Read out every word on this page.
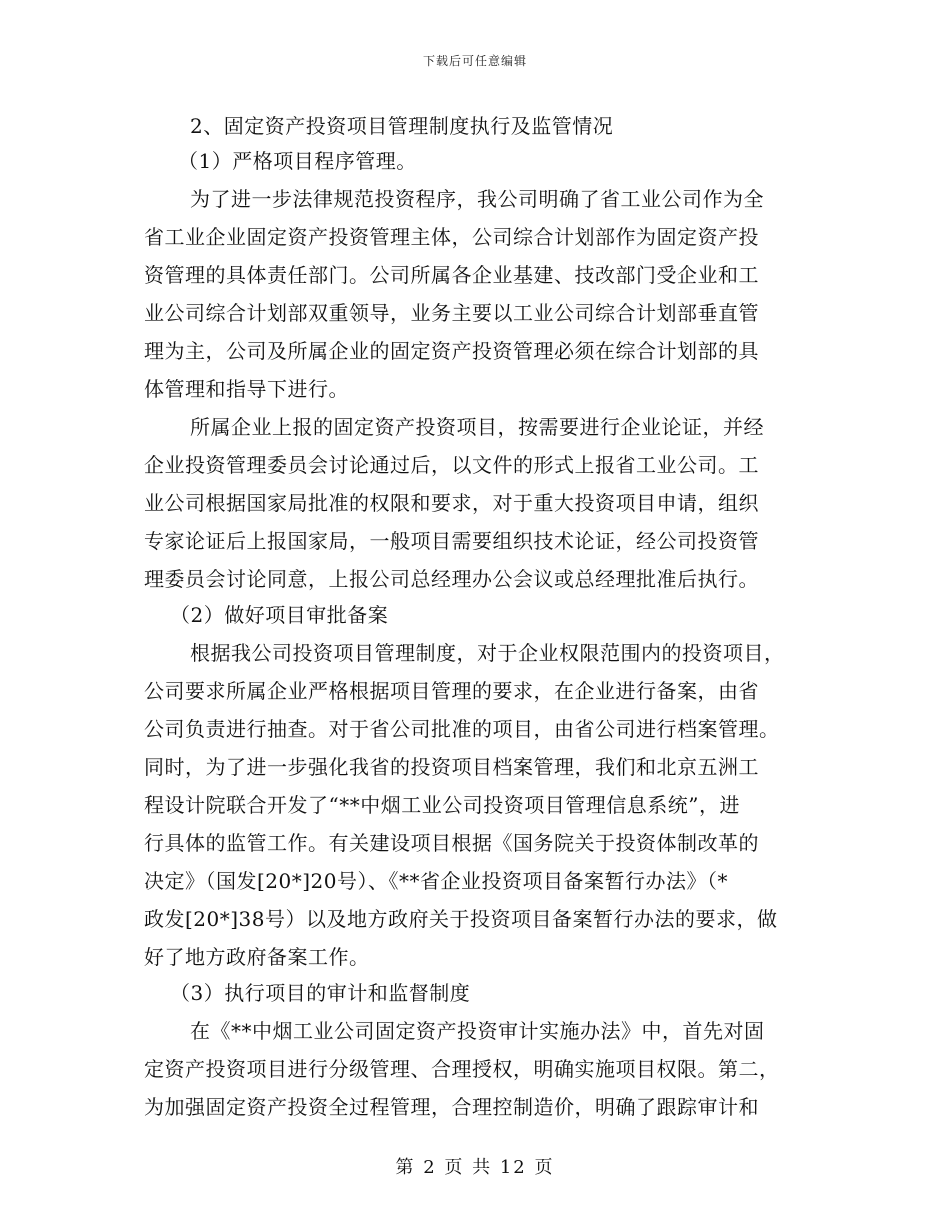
下载后可任意编辑
2、固定资产投资项目管理制度执行及监管情况
（1）严格项目程序管理。
为了进一步法律规范投资程序，我公司明确了省工业公司作为全
省工业企业固定资产投资管理主体，公司综合计划部作为固定资产投
资管理的具体责任部门。公司所属各企业基建、技改部门受企业和工
业公司综合计划部双重领导，业务主要以工业公司综合计划部垂直管
理为主，公司及所属企业的固定资产投资管理必须在综合计划部的具
体管理和指导下进行。
所属企业上报的固定资产投资项目，按需要进行企业论证，并经
企业投资管理委员会讨论通过后，以文件的形式上报省工业公司。工
业公司根据国家局批准的权限和要求，对于重大投资项目申请，组织
专家论证后上报国家局，一般项目需要组织技术论证，经公司投资管
理委员会讨论同意，上报公司总经理办公会议或总经理批准后执行。
（2）做好项目审批备案
根据我公司投资项目管理制度，对于企业权限范围内的投资项目，
公司要求所属企业严格根据项目管理的要求，在企业进行备案，由省
公司负责进行抽查。对于省公司批准的项目，由省公司进行档案管理。
同时，为了进一步强化我省的投资项目档案管理，我们和北京五洲工
程设计院联合开发了“**中烟工业公司投资项目管理信息系统”，进
行具体的监管工作。有关建设项目根据《国务院关于投资体制改革的
决定》（国发[20*]20号）、《**省企业投资项目备案暂行办法》（*
政发[20*]38号）以及地方政府关于投资项目备案暂行办法的要求，做
好了地方政府备案工作。
（3）执行项目的审计和监督制度
在《**中烟工业公司固定资产投资审计实施办法》中，首先对固
定资产投资项目进行分级管理、合理授权，明确实施项目权限。第二，
为加强固定资产投资全过程管理，合理控制造价，明确了跟踪审计和
第 2 页 共 12 页
